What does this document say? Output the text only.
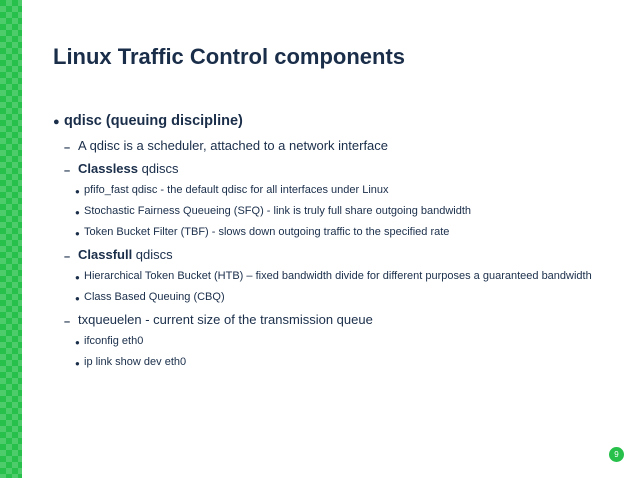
Linux Traffic Control components
● qdisc (queuing discipline)
– A qdisc is a scheduler, attached to a network interface
– Classless qdiscs
● pfifo_fast qdisc - the default qdisc for all interfaces under Linux
● Stochastic Fairness Queueing (SFQ) - link is truly full share outgoing bandwidth
● Token Bucket Filter (TBF) - slows down outgoing traffic to the specified rate
– Classfull qdiscs
● Hierarchical Token Bucket (HTB) – fixed bandwidth divide for different purposes a guaranteed bandwidth
● Class Based Queuing (CBQ)
– txqueuelen - current size of the transmission queue
● ifconfig eth0
● ip link show dev eth0
9
